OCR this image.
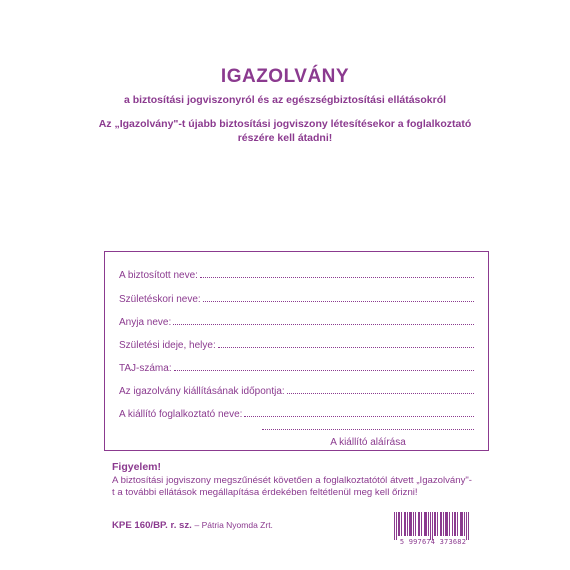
IGAZOLVÁNY
a biztosítási jogviszonyról és az egészségbiztosítási ellátásokról
Az „Igazolvány"-t újabb biztosítási jogviszony létesítésekor a foglalkoztató
részére kell átadni!
A biztosított neve:
Születéskori neve:
Anyja neve:
Születési ideje, helye:
TAJ-száma:
Az igazolvány kiállításának időpontja:
A kiállító foglalkoztató neve:
A kiállító aláírása
Figyelem!
A biztosítási jogviszony megszűnését követően a foglalkoztatótól átvett „Igazolvány"-t a további ellátások megállapítása érdekében feltétlenül meg kell őrizni!
KPE 160/BP. r. sz. – Pátria Nyomda Zrt.
5 997674 373682
